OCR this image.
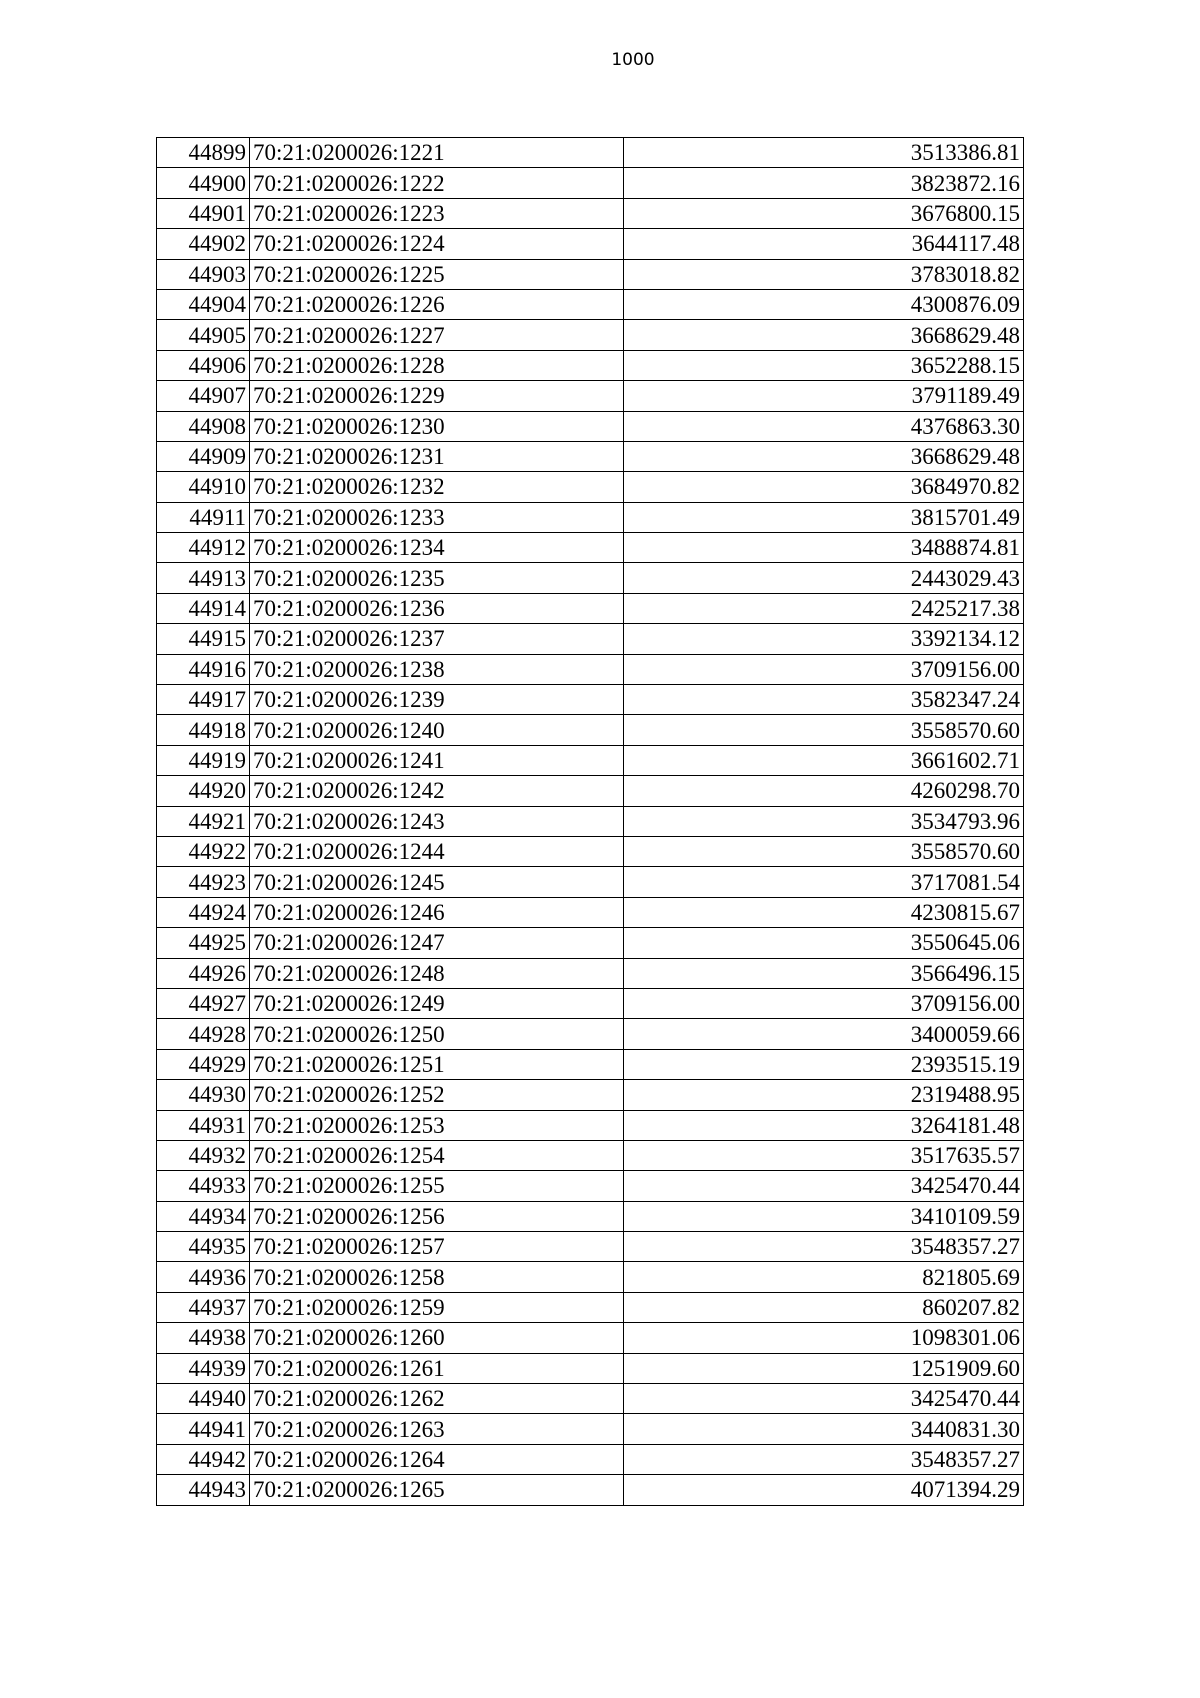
1000
44899	70:21:0200026:1221	3513386.81
44900	70:21:0200026:1222	3823872.16
44901	70:21:0200026:1223	3676800.15
44902	70:21:0200026:1224	3644117.48
44903	70:21:0200026:1225	3783018.82
44904	70:21:0200026:1226	4300876.09
44905	70:21:0200026:1227	3668629.48
44906	70:21:0200026:1228	3652288.15
44907	70:21:0200026:1229	3791189.49
44908	70:21:0200026:1230	4376863.30
44909	70:21:0200026:1231	3668629.48
44910	70:21:0200026:1232	3684970.82
44911	70:21:0200026:1233	3815701.49
44912	70:21:0200026:1234	3488874.81
44913	70:21:0200026:1235	2443029.43
44914	70:21:0200026:1236	2425217.38
44915	70:21:0200026:1237	3392134.12
44916	70:21:0200026:1238	3709156.00
44917	70:21:0200026:1239	3582347.24
44918	70:21:0200026:1240	3558570.60
44919	70:21:0200026:1241	3661602.71
44920	70:21:0200026:1242	4260298.70
44921	70:21:0200026:1243	3534793.96
44922	70:21:0200026:1244	3558570.60
44923	70:21:0200026:1245	3717081.54
44924	70:21:0200026:1246	4230815.67
44925	70:21:0200026:1247	3550645.06
44926	70:21:0200026:1248	3566496.15
44927	70:21:0200026:1249	3709156.00
44928	70:21:0200026:1250	3400059.66
44929	70:21:0200026:1251	2393515.19
44930	70:21:0200026:1252	2319488.95
44931	70:21:0200026:1253	3264181.48
44932	70:21:0200026:1254	3517635.57
44933	70:21:0200026:1255	3425470.44
44934	70:21:0200026:1256	3410109.59
44935	70:21:0200026:1257	3548357.27
44936	70:21:0200026:1258	821805.69
44937	70:21:0200026:1259	860207.82
44938	70:21:0200026:1260	1098301.06
44939	70:21:0200026:1261	1251909.60
44940	70:21:0200026:1262	3425470.44
44941	70:21:0200026:1263	3440831.30
44942	70:21:0200026:1264	3548357.27
44943	70:21:0200026:1265	4071394.29
